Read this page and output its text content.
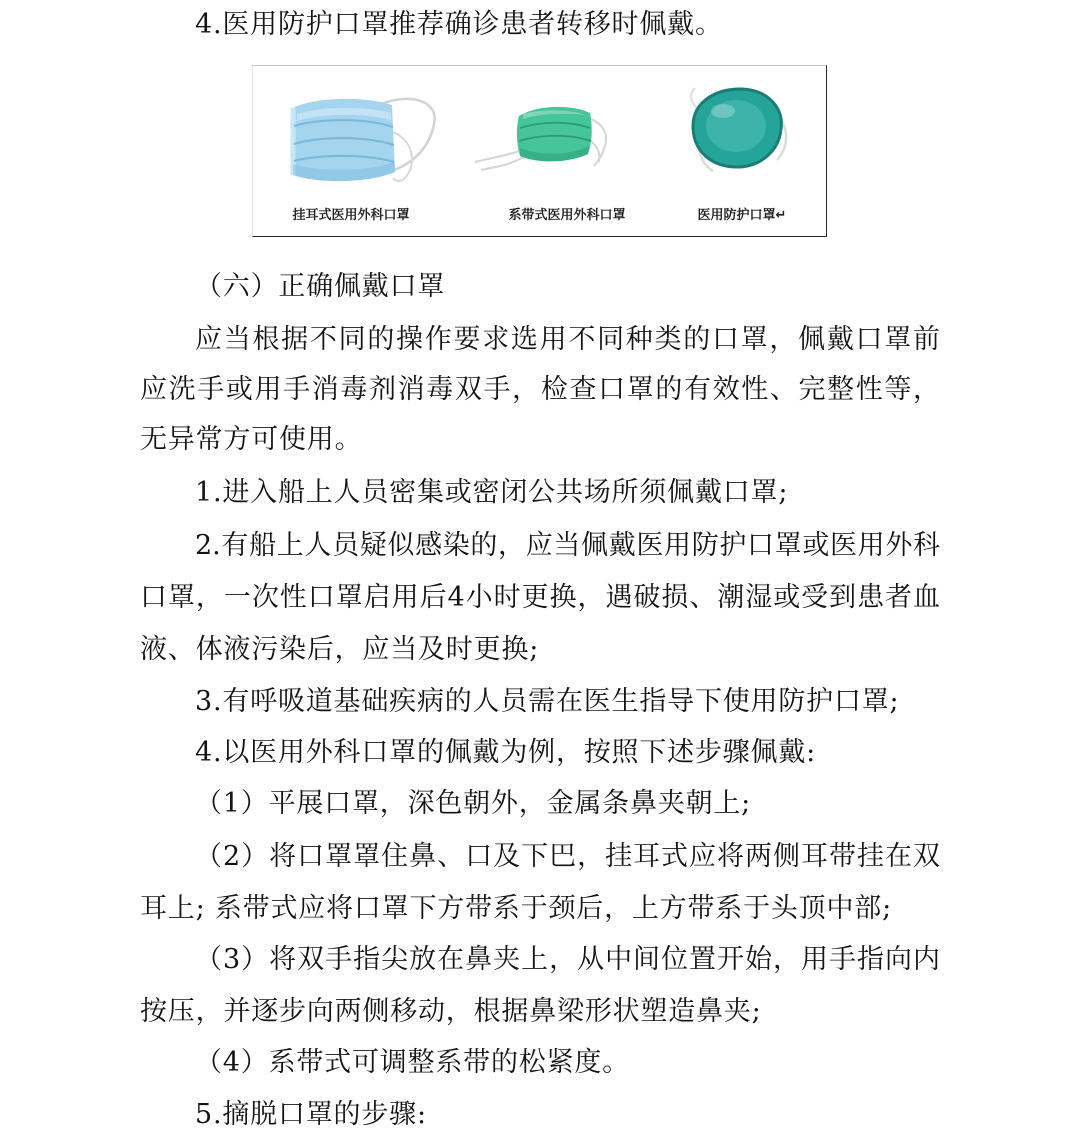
4.医用防护口罩推荐确诊患者转移时佩戴。
挂耳式医用外科口罩	系带式医用外科口罩	医用防护口罩↵
（六）正确佩戴口罩
应当根据不同的操作要求选用不同种类的口罩，佩戴口罩前
应洗手或用手消毒剂消毒双手，检查口罩的有效性、完整性等，
无异常方可使用。
1.进入船上人员密集或密闭公共场所须佩戴口罩;
2.有船上人员疑似感染的，应当佩戴医用防护口罩或医用外科
口罩，一次性口罩启用后4小时更换，遇破损、潮湿或受到患者血
液、体液污染后，应当及时更换;
3.有呼吸道基础疾病的人员需在医生指导下使用防护口罩;
4.以医用外科口罩的佩戴为例，按照下述步骤佩戴:
（1）平展口罩，深色朝外，金属条鼻夹朝上;
（2）将口罩罩住鼻、口及下巴，挂耳式应将两侧耳带挂在双
耳上; 系带式应将口罩下方带系于颈后，上方带系于头顶中部;
（3）将双手指尖放在鼻夹上，从中间位置开始，用手指向内
按压，并逐步向两侧移动，根据鼻梁形状塑造鼻夹;
（4）系带式可调整系带的松紧度。
5.摘脱口罩的步骤:
